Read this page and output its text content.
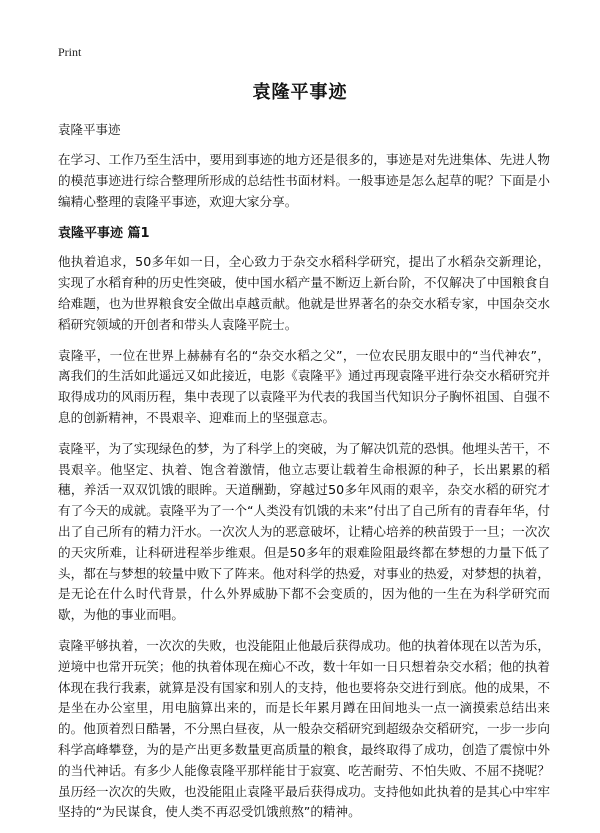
Print
袁隆平事迹
袁隆平事迹

在学习、工作乃至生活中，要用到事迹的地方还是很多的，事迹是对先进集体、先进人物的模范事迹进行综合整理所形成的总结性书面材料。一般事迹是怎么起草的呢？下面是小编精心整理的袁隆平事迹，欢迎大家分享。

袁隆平事迹 篇1

他执着追求，50多年如一日，全心致力于杂交水稻科学研究，提出了水稻杂交新理论，实现了水稻育种的历史性突破，使中国水稻产量不断迈上新台阶，不仅解决了中国粮食自给难题，也为世界粮食安全做出卓越贡献。他就是世界著名的杂交水稻专家，中国杂交水稻研究领域的开创者和带头人袁隆平院士。

袁隆平，一位在世界上赫赫有名的“杂交水稻之父”，一位农民朋友眼中的“当代神农”，离我们的生活如此遥远又如此接近，电影《袁隆平》通过再现袁隆平进行杂交水稻研究并取得成功的风雨历程，集中表现了以袁隆平为代表的我国当代知识分子胸怀祖国、自强不息的创新精神，不畏艰辛、迎难而上的坚强意志。

袁隆平，为了实现绿色的梦，为了科学上的突破，为了解决饥荒的恐惧。他埋头苦干，不畏艰辛。他坚定、执着、饱含着激情，他立志要让载着生命根源的种子，长出累累的稻穗，养活一双双饥饿的眼眸。天道酬勤，穿越过50多年风雨的艰辛，杂交水稻的研究才有了今天的成就。袁隆平为了一个“人类没有饥饿的未来”付出了自己所有的青春年华，付出了自己所有的精力汗水。一次次人为的恶意破坏，让精心培养的秧苗毁于一旦；一次次的天灾所难，让科研进程举步维艰。但是50多年的艰难险阻最终都在梦想的力量下低了头，都在与梦想的较量中败下了阵来。他对科学的热爱，对事业的热爱，对梦想的执着，是无论在什么时代背景，什么外界威胁下都不会变质的，因为他的一生在为科学研究而歇，为他的事业而唱。

袁隆平够执着，一次次的失败，也没能阻止他最后获得成功。他的执着体现在以苦为乐，逆境中也常开玩笑；他的执着体现在痴心不改，数十年如一日只想着杂交水稻；他的执着体现在我行我素，就算是没有国家和别人的支持，他也要将杂交进行到底。他的成果，不是坐在办公室里，用电脑算出来的，而是长年累月蹲在田间地头一点一滴摸索总结出来的。他顶着烈日酷暑，不分黑白昼夜，从一般杂交稻研究到超级杂交稻研究，一步一步向科学高峰攀登，为的是产出更多数量更高质量的粮食，最终取得了成功，创造了震惊中外的当代神话。有多少人能像袁隆平那样能甘于寂寞、吃苦耐劳、不怕失败、不屈不挠呢？虽历经一次次的失败，也没能阻止袁隆平最后获得成功。支持他如此执着的是其心中牢牢坚持的“为民谋食，使人类不再忍受饥饿煎熬”的精神。
